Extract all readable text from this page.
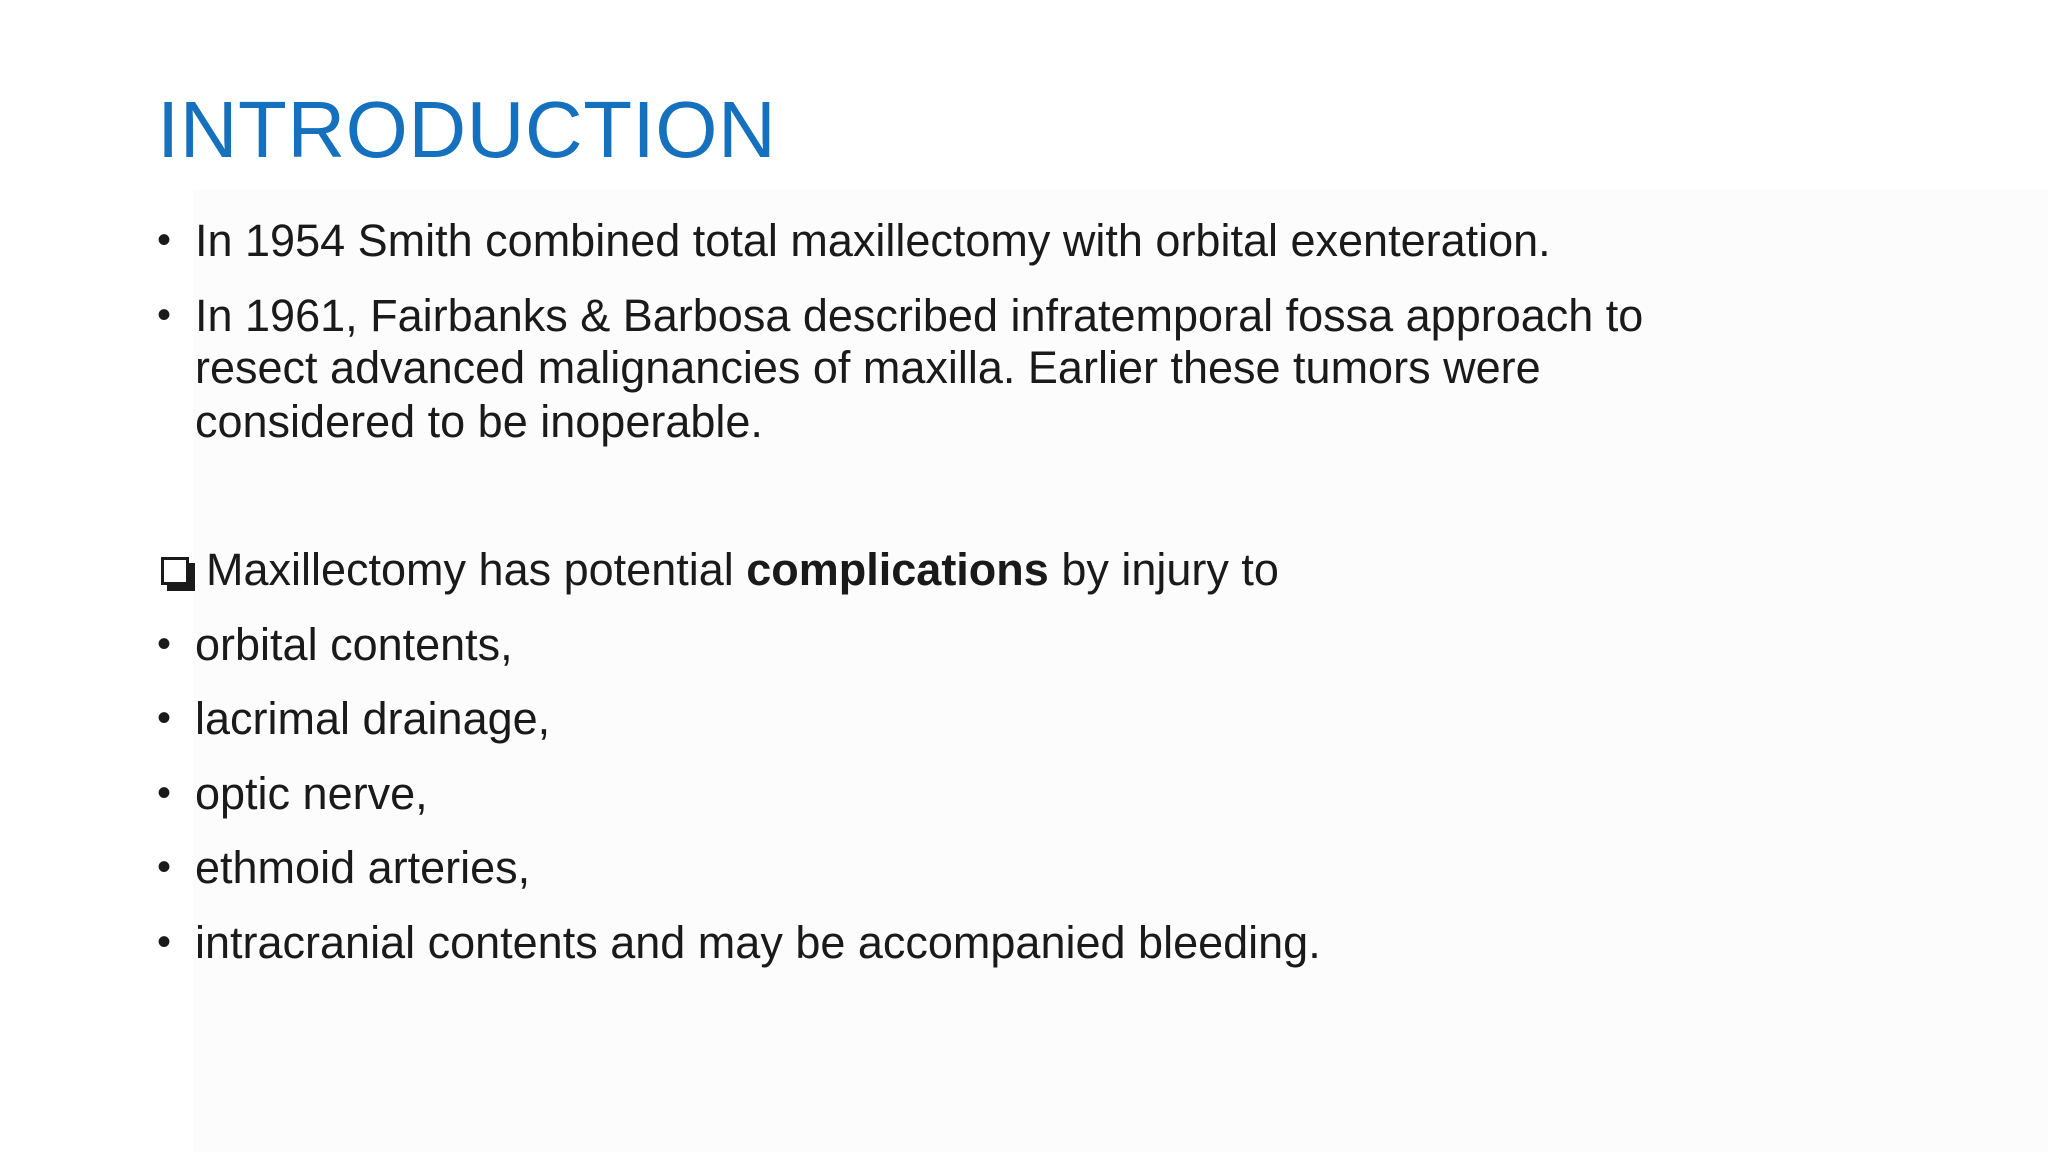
INTRODUCTION
• In 1954 Smith combined total maxillectomy with orbital exenteration.
• In 1961, Fairbanks & Barbosa described infratemporal fossa approach to
resect advanced malignancies of maxilla. Earlier these tumors were
considered to be inoperable.
Maxillectomy has potential complications by injury to
• orbital contents,
• lacrimal drainage,
• optic nerve,
• ethmoid arteries,
• intracranial contents and may be accompanied bleeding.
